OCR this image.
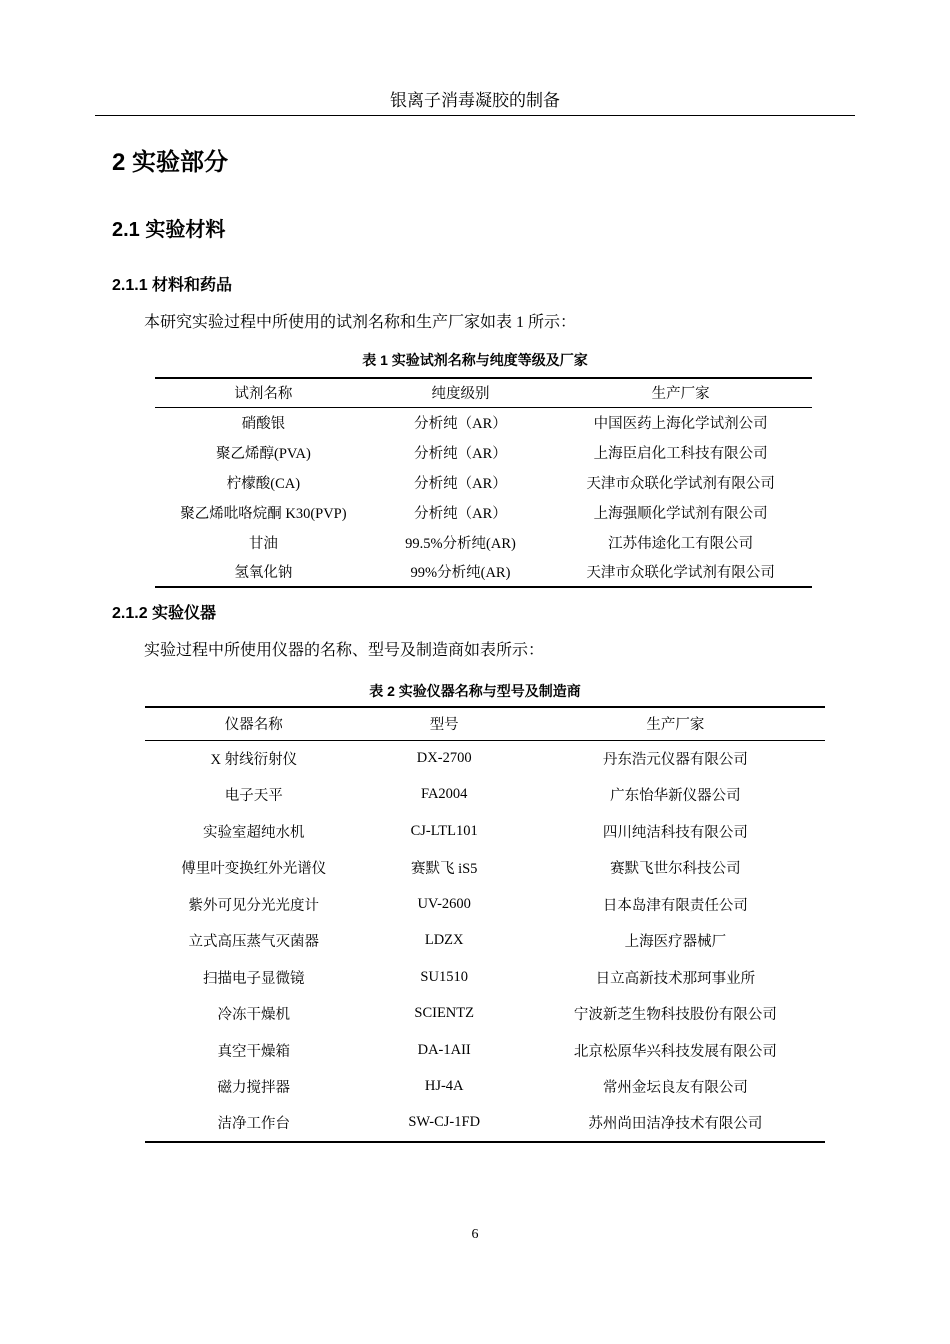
银离子消毒凝胶的制备
2 实验部分
2.1 实验材料
2.1.1 材料和药品

本研究实验过程中所使用的试剂名称和生产厂家如表 1 所示：

表 1 实验试剂名称与纯度等级及厂家
试剂名称	纯度级别	生产厂家
硝酸银	分析纯（AR）	中国医药上海化学试剂公司
聚乙烯醇(PVA)	分析纯（AR）	上海臣启化工科技有限公司
柠檬酸(CA)	分析纯（AR）	天津市众联化学试剂有限公司
聚乙烯吡咯烷酮 K30(PVP)	分析纯（AR）	上海强顺化学试剂有限公司
甘油	99.5%分析纯(AR)	江苏伟途化工有限公司
氢氧化钠	99%分析纯(AR)	天津市众联化学试剂有限公司
2.1.2 实验仪器

实验过程中所使用仪器的名称、型号及制造商如表所示：

表 2 实验仪器名称与型号及制造商
仪器名称	型号	生产厂家
X 射线衍射仪	DX-2700	丹东浩元仪器有限公司
电子天平	FA2004	广东怡华新仪器公司
实验室超纯水机	CJ-LTL101	四川纯洁科技有限公司
傅里叶变换红外光谱仪	赛默飞 iS5	赛默飞世尔科技公司
紫外可见分光光度计	UV-2600	日本岛津有限责任公司
立式高压蒸气灭菌器	LDZX	上海医疗器械厂
扫描电子显微镜	SU1510	日立高新技术那珂事业所
冷冻干燥机	SCIENTZ	宁波新芝生物科技股份有限公司
真空干燥箱	DA-1AII	北京松原华兴科技发展有限公司
磁力搅拌器	HJ-4A	常州金坛良友有限公司
洁净工作台	SW-CJ-1FD	苏州尚田洁净技术有限公司
6
